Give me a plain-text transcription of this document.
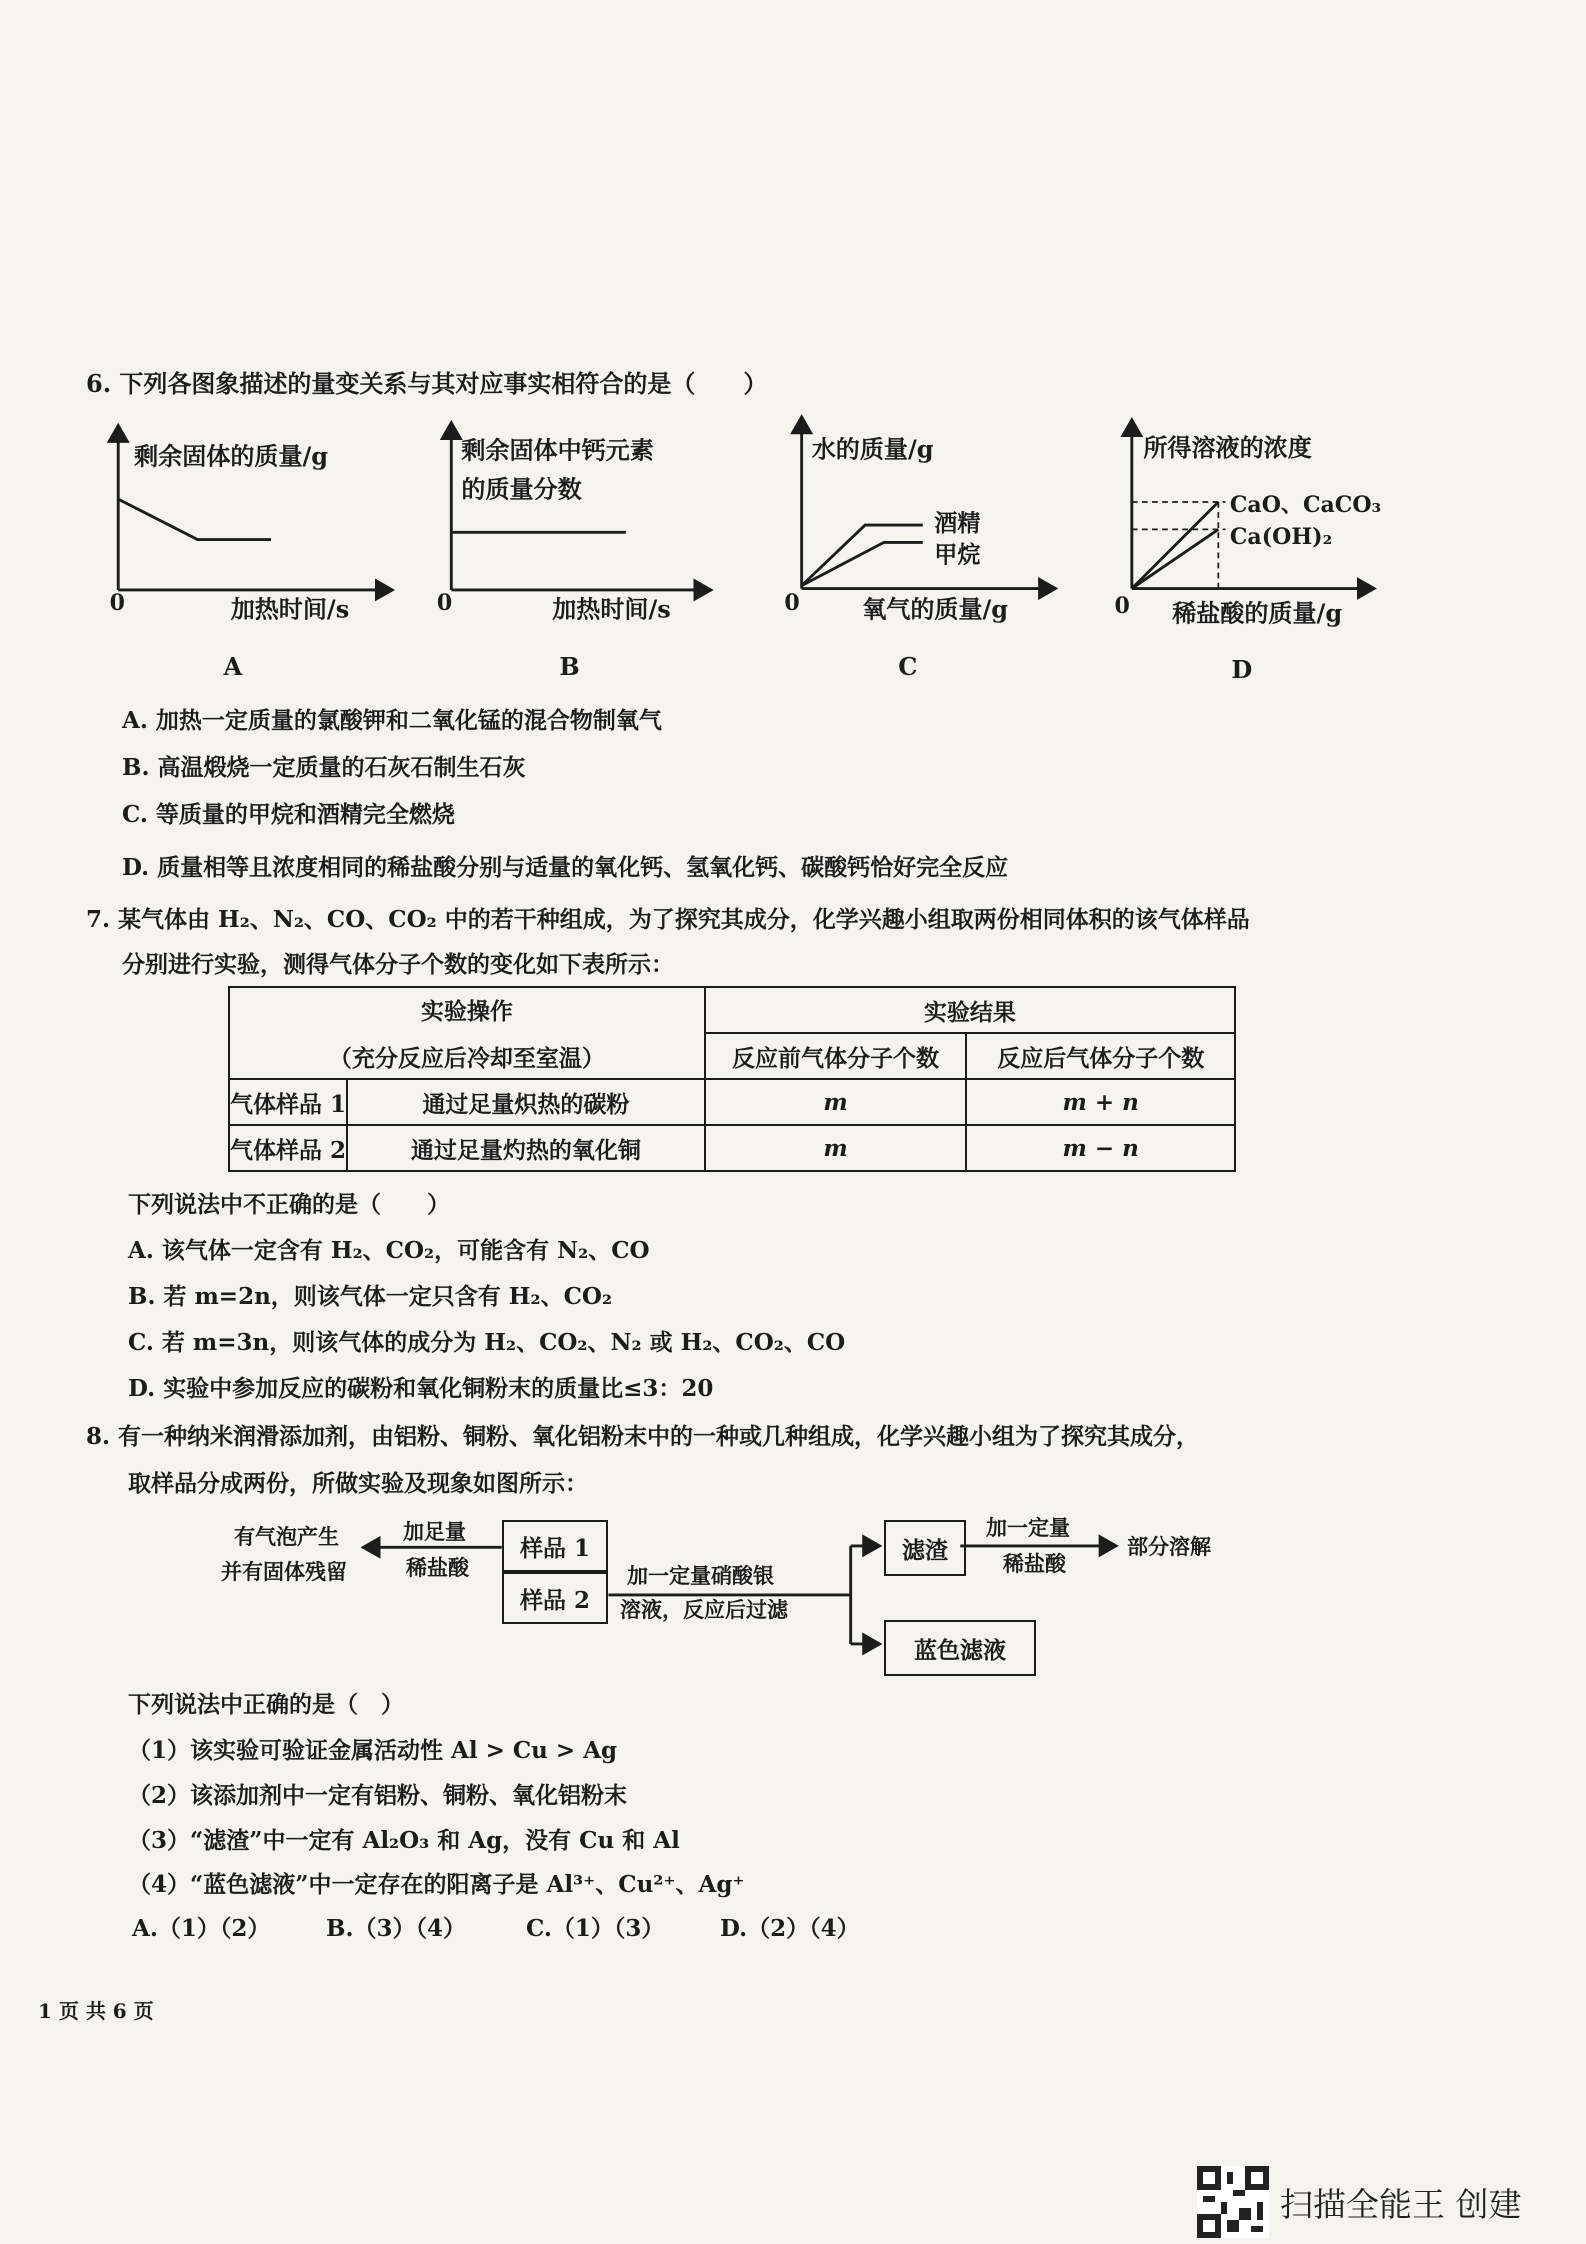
6. 下列各图象描述的量变关系与其对应事实相符合的是（　　）
剩余固体的质量/g
加热时间/s
0
A
剩余固体中钙元素
的质量分数
加热时间/s
0
B
水的质量/g
氧气的质量/g
0
酒精
甲烷
C
所得溶液的浓度
稀盐酸的质量/g
0
CaO、CaCO₃
Ca(OH)₂
D
A. 加热一定质量的氯酸钾和二氧化锰的混合物制氧气
B. 高温煅烧一定质量的石灰石制生石灰
C. 等质量的甲烷和酒精完全燃烧
D. 质量相等且浓度相同的稀盐酸分别与适量的氧化钙、氢氧化钙、碳酸钙恰好完全反应
7. 某气体由 H₂、N₂、CO、CO₂ 中的若干种组成，为了探究其成分，化学兴趣小组取两份相同体积的该气体样品
分别进行实验，测得气体分子个数的变化如下表所示：
实验操作
（充分反应后冷却至室温）		实验结果	
		反应前气体分子个数	反应后气体分子个数
气体样品 1	通过足量炽热的碳粉	m	m + n
气体样品 2	通过足量灼热的氧化铜	m	m − n
下列说法中不正确的是（　　）
A. 该气体一定含有 H₂、CO₂，可能含有 N₂、CO
B. 若 m=2n，则该气体一定只含有 H₂、CO₂
C. 若 m=3n，则该气体的成分为 H₂、CO₂、N₂ 或 H₂、CO₂、CO
D. 实验中参加反应的碳粉和氧化铜粉末的质量比≤3：20
8. 有一种纳米润滑添加剂，由铝粉、铜粉、氧化铝粉末中的一种或几种组成，化学兴趣小组为了探究其成分，
取样品分成两份，所做实验及现象如图所示：
有气泡产生
并有固体残留
加足量
稀盐酸
样品 1
样品 2
加一定量硝酸银
溶液，反应后过滤
滤渣
加一定量
稀盐酸
部分溶解
蓝色滤液
下列说法中正确的是（　）
（1）该实验可验证金属活动性 Al > Cu > Ag
（2）该添加剂中一定有铝粉、铜粉、氧化铝粉末
（3）“滤渣”中一定有 Al₂O₃ 和 Ag，没有 Cu 和 Al
（4）“蓝色滤液”中一定存在的阳离子是 Al³⁺、Cu²⁺、Ag⁺
A.（1）（2） B.（3）（4）	C.（1）（3） D.（2）（4）
1 页 共 6 页
扫描全能王 创建
